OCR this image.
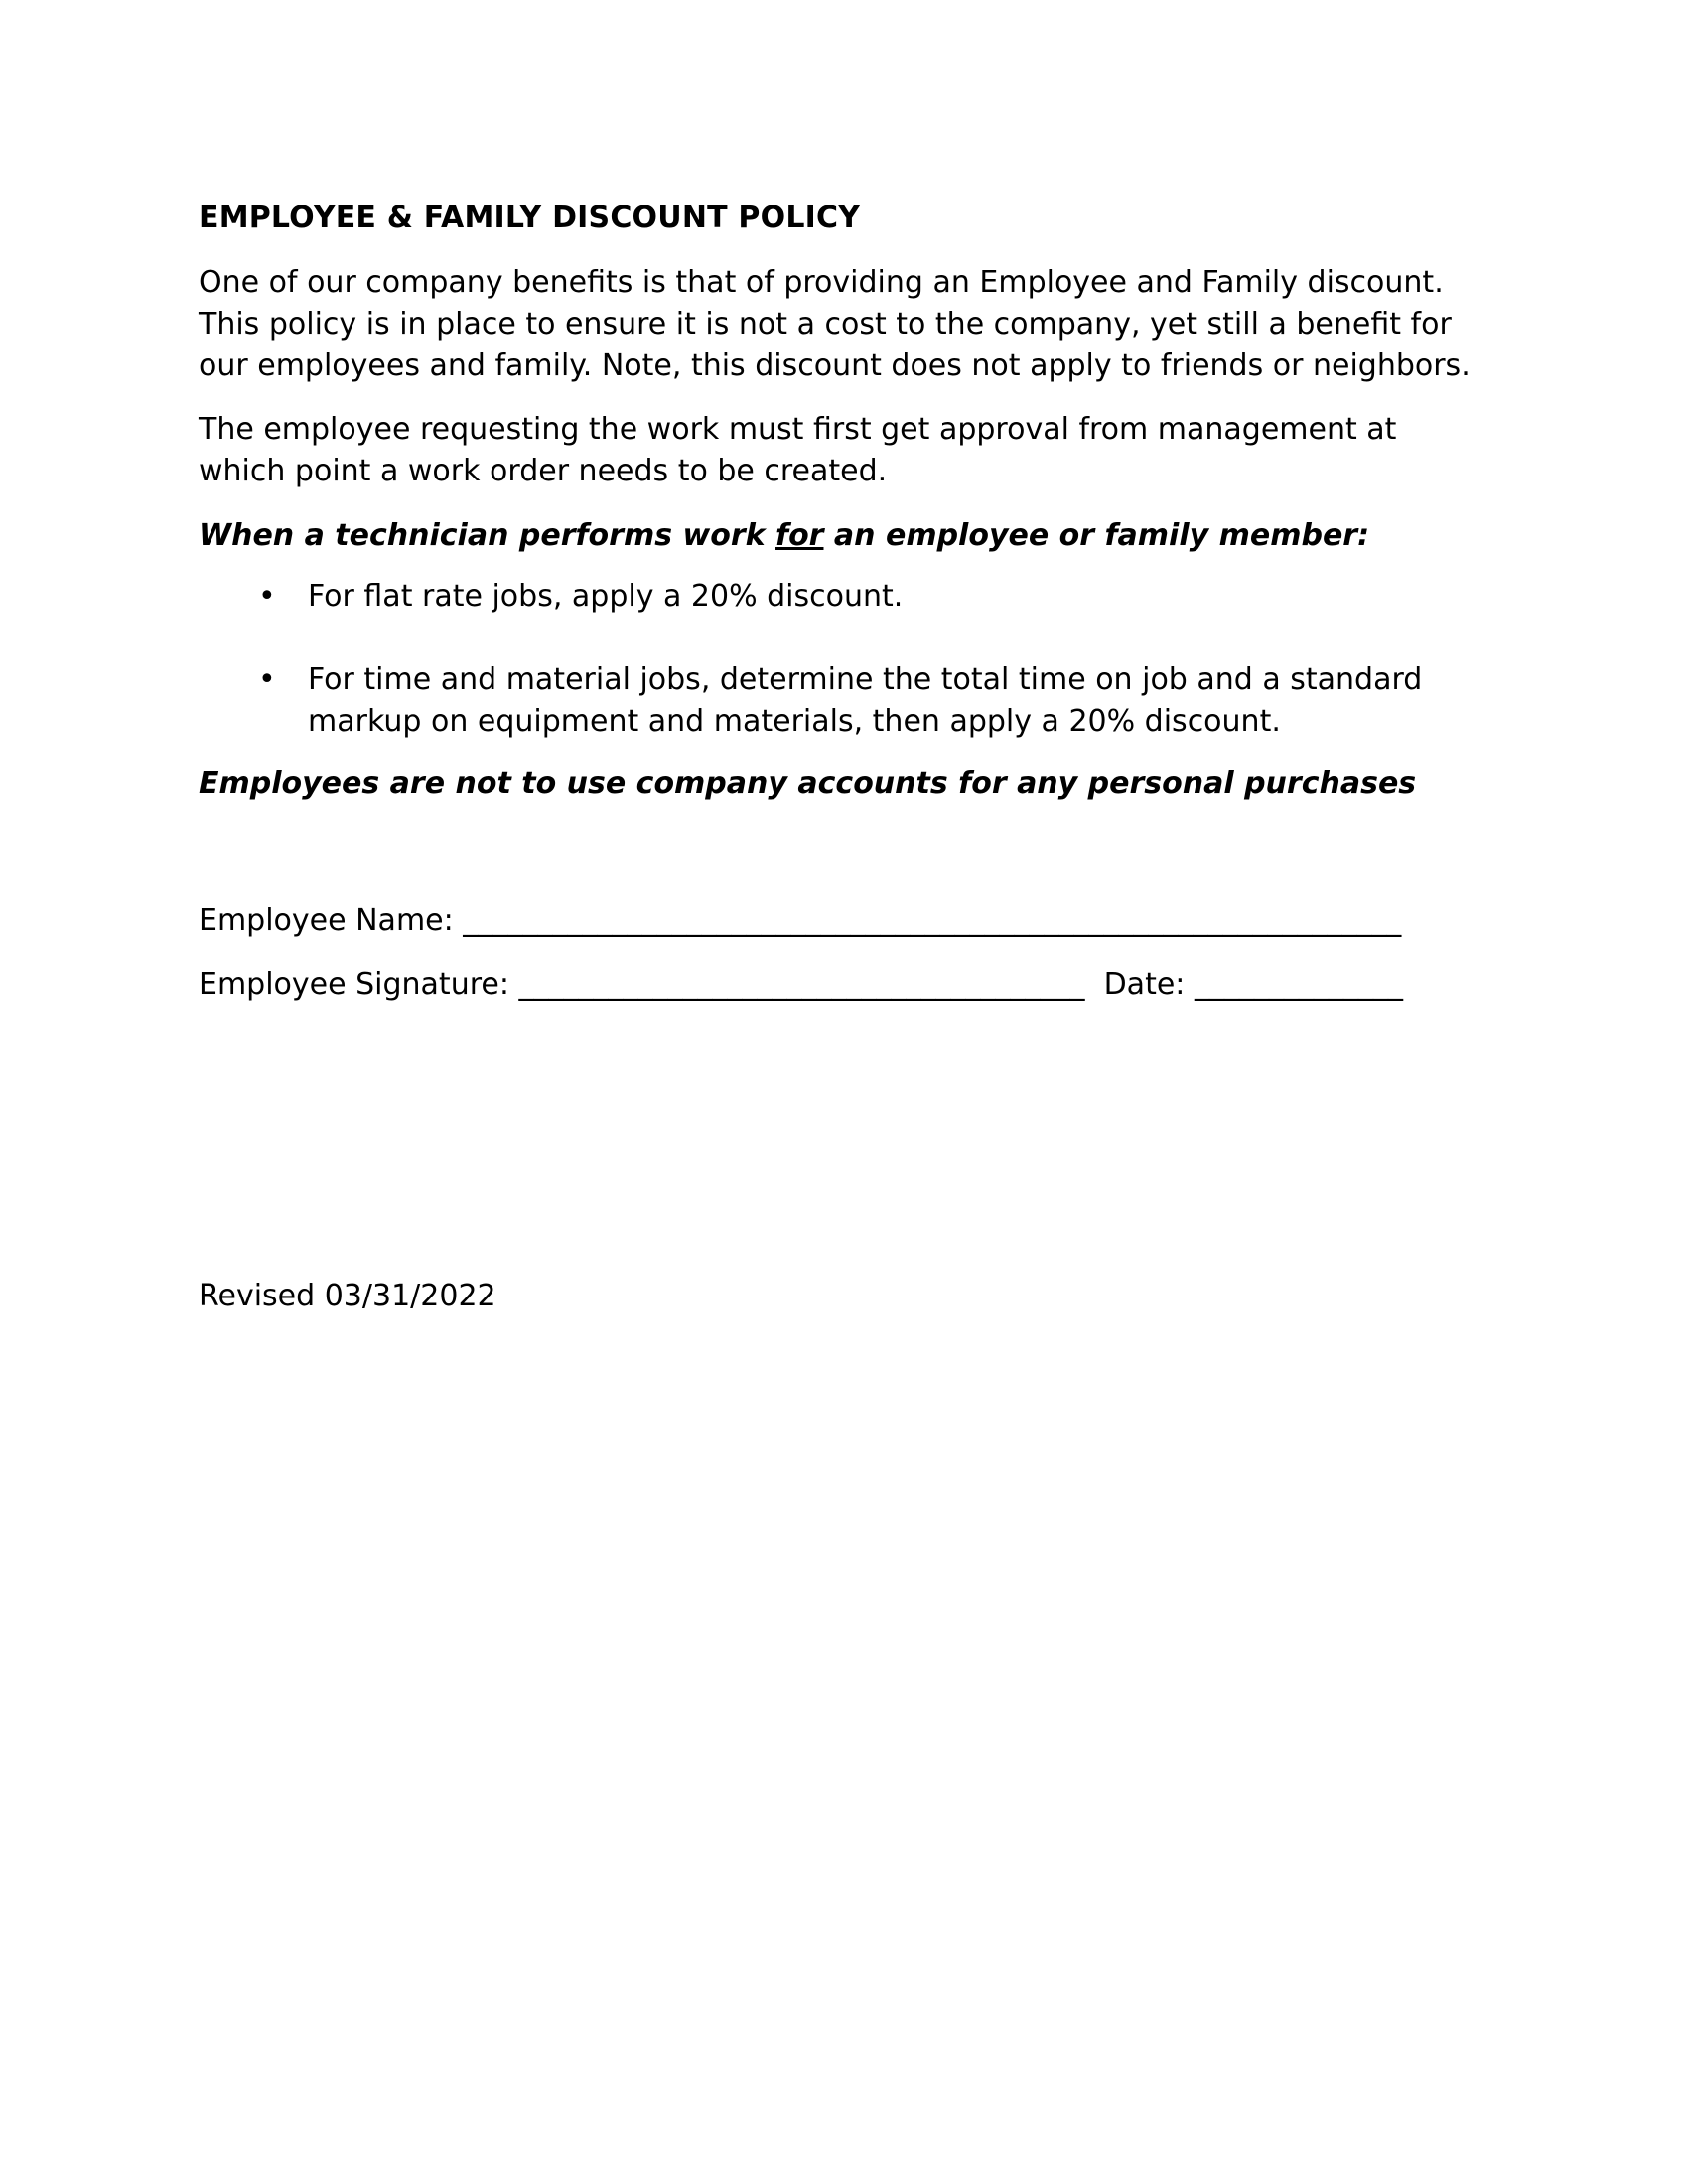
EMPLOYEE & FAMILY DISCOUNT POLICY

One of our company benefits is that of providing an Employee and Family discount. This policy is in place to ensure it is not a cost to the company, yet still a benefit for our employees and family. Note, this discount does not apply to friends or neighbors.

The employee requesting the work must first get approval from management at which point a work order needs to be created.

When a technician performs work for an employee or family member:
• For flat rate jobs, apply a 20% discount.
• For time and material jobs, determine the total time on job and a standard markup on equipment and materials, then apply a 20% discount.
Employees are not to use company accounts for any personal purchases
Employee Name: _______________________________________________________________
Employee Signature: ______________________________________ Date: ______________
Revised 03/31/2022
